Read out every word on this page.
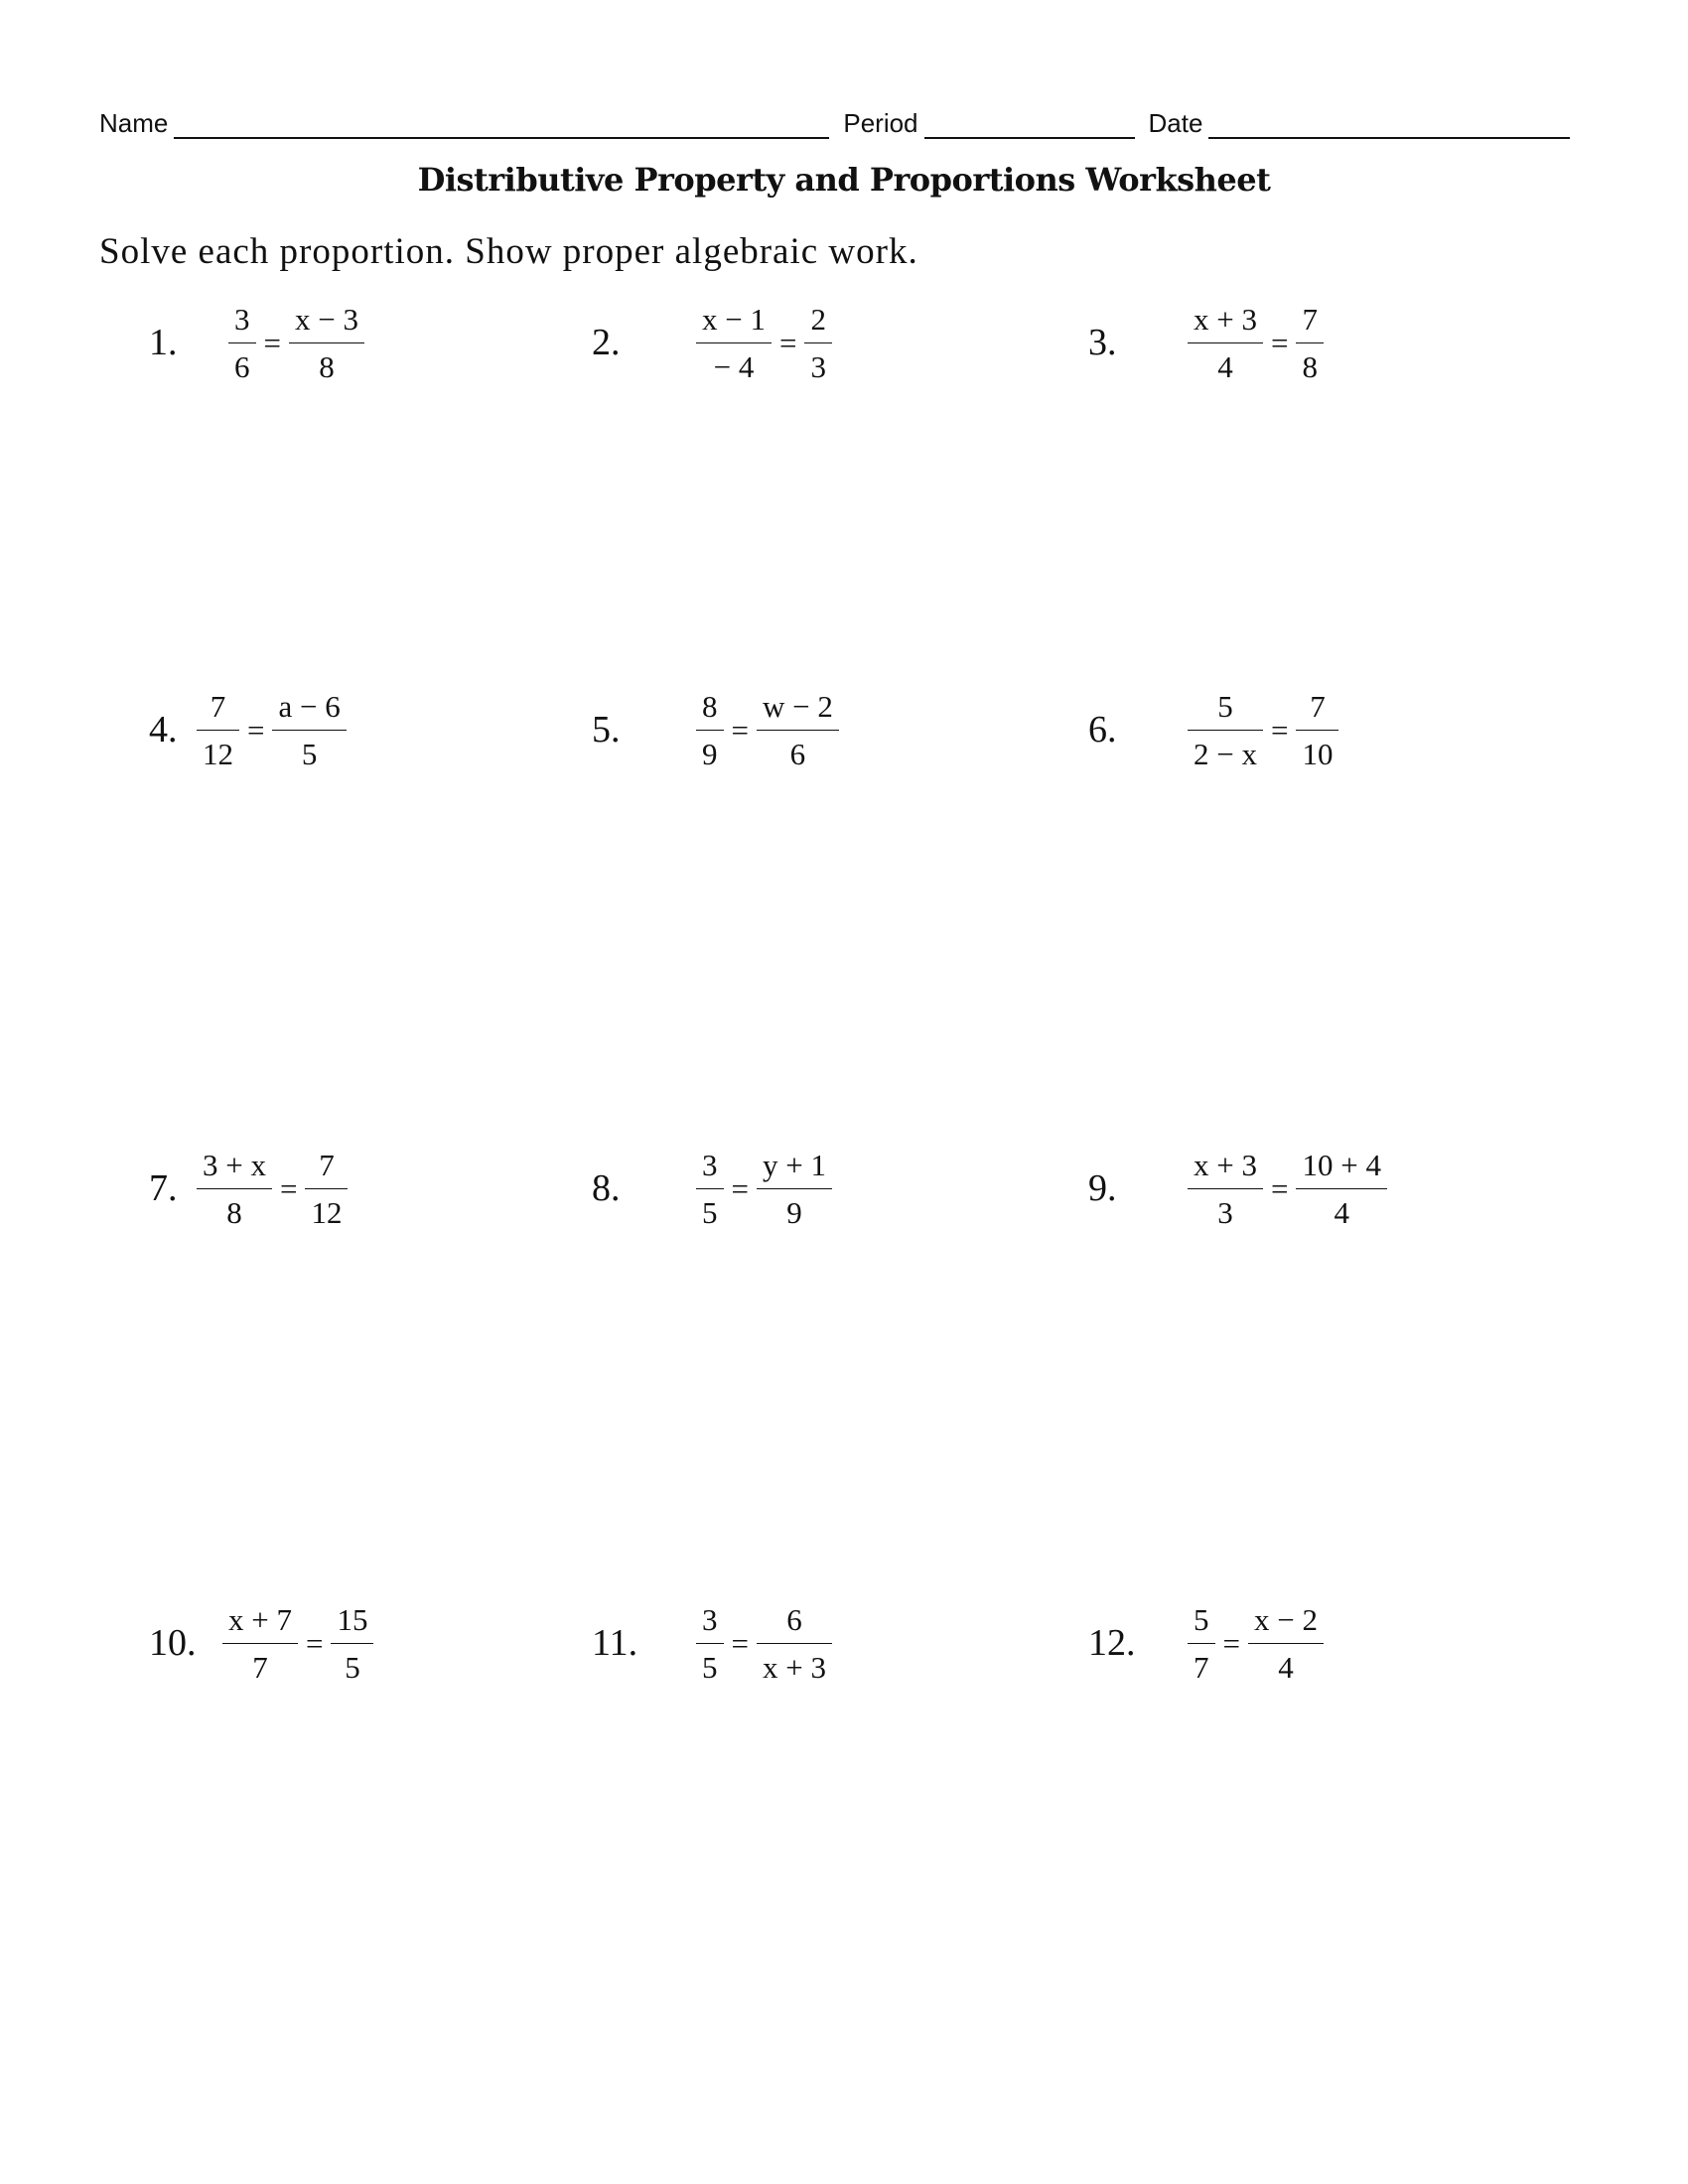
Name	Period	Date
Distributive Property and Proportions Worksheet
Solve each proportion. Show proper algebraic work.
1.	$\frac{3}{6} = \frac{x - 3}{8}$	2.	$\frac{x - 1}{- 4} = \frac{2}{3}$	3.	$\frac{x + 3}{4} = \frac{7}{8}$
4. $\frac{7}{12} = \frac{a - 6}{5}$	5.	$\frac{8}{9} = \frac{w - 2}{6}$	6.	$\frac{5}{2 - x} = \frac{7}{10}$
7. $\frac{3 + x}{8} = \frac{7}{12}$	8.	$\frac{3}{5} = \frac{y + 1}{9}$	9.	$\frac{x + 3}{3} = \frac{10 + 4}{4}$
10. $\frac{x + 7}{7} = \frac{15}{5}$	11.	$\frac{3}{5} = \frac{6}{x + 3}$	12.	$\frac{5}{7} = \frac{x - 2}{4}$
